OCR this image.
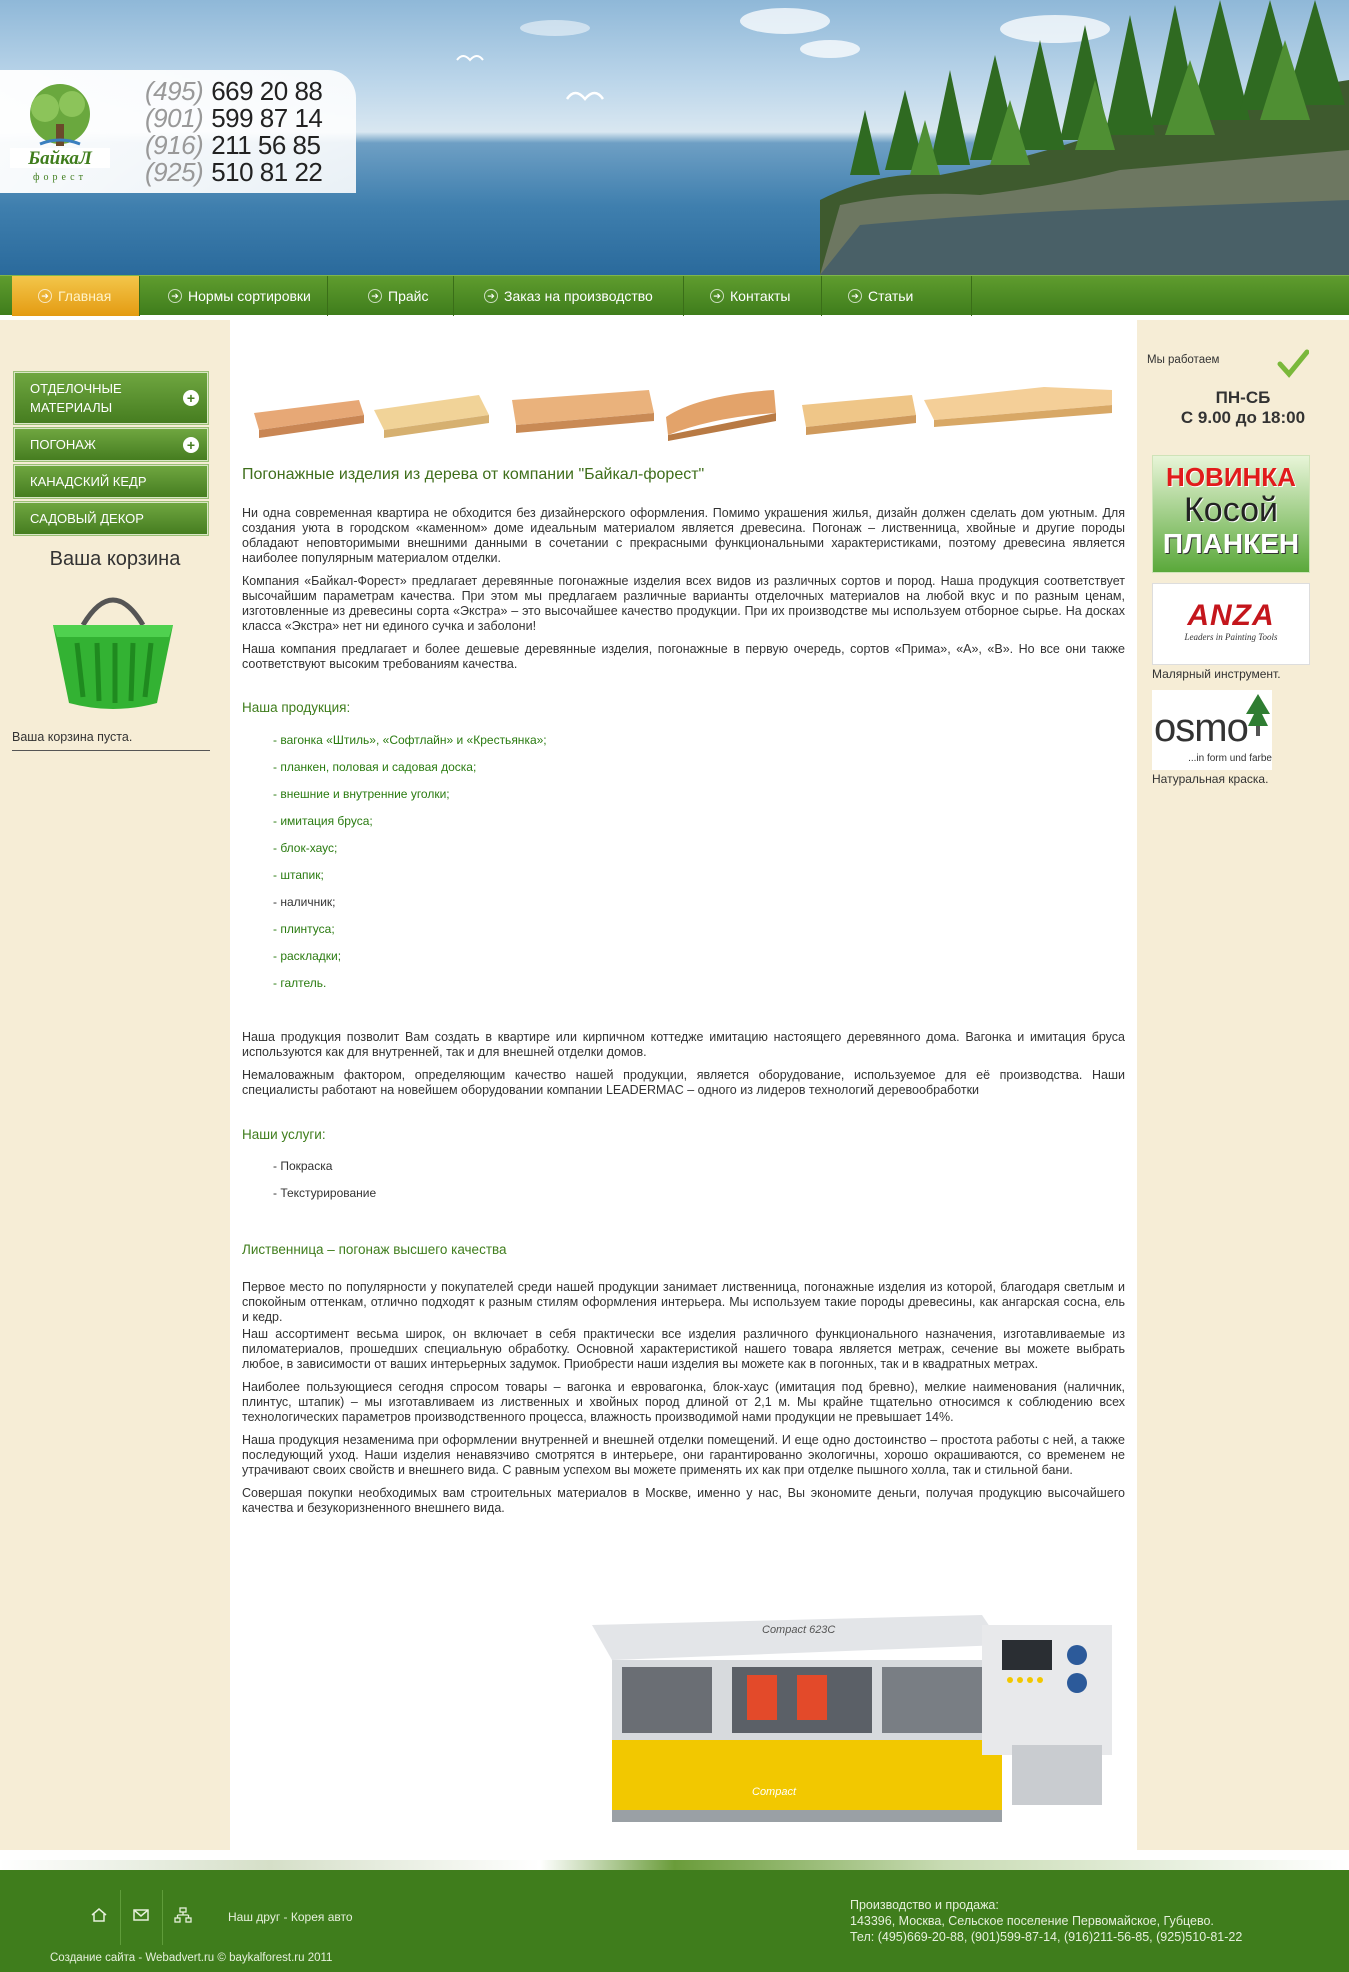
БайкаЛ
форест
(495) 669 20 88
(901) 599 87 14
(916) 211 56 85
(925) 510 81 22
➔ Главная	➔ Нормы сортировки	➔ Прайс	➔ Заказ на производство	➔ Контакты	➔ Статьи
ОТДЕЛОЧНЫЕ МАТЕРИАЛЫ
+
ПОГОНАЖ	+
КАНАДСКИЙ КЕДР
САДОВЫЙ ДЕКОР
Ваша корзина
Ваша корзина пуста.
Погонажные изделия из дерева от компании "Байкал-форест"

Ни одна современная квартира не обходится без дизайнерского оформления. Помимо украшения жилья, дизайн должен сделать дом уютным. Для создания уюта в городском «каменном» доме идеальным материалом является древесина. Погонаж – лиственница, хвойные и другие породы обладают неповторимыми внешними данными в сочетании с прекрасными функциональными характеристиками, поэтому древесина является наиболее популярным материалом отделки.

Компания «Байкал-Форест» предлагает деревянные погонажные изделия всех видов из различных сортов и пород. Наша продукция соответствует высочайшим параметрам качества. При этом мы предлагаем различные варианты отделочных материалов на любой вкус и по разным ценам, изготовленные из древесины сорта «Экстра» – это высочайшее качество продукции. При их производстве мы используем отборное сырье. На досках класса «Экстра» нет ни единого сучка и заболони!

Наша компания предлагает и более дешевые деревянные изделия, погонажные в первую очередь, сортов «Прима», «А», «В». Но все они также соответствуют высоким требованиям качества.

Наша продукция:
- вагонка «Штиль», «Софтлайн» и «Крестьянка»;
- планкен, половая и садовая доска;
- внешние и внутренние уголки;
- имитация бруса;
- блок-хаус;
- штапик;
- наличник;
- плинтуса;
- раскладки;
- галтель.

Наша продукция позволит Вам создать в квартире или кирпичном коттедже имитацию настоящего деревянного дома. Вагонка и имитация бруса используются как для внутренней, так и для внешней отделки домов.

Немаловажным фактором, определяющим качество нашей продукции, является оборудование, используемое для её производства. Наши специалисты работают на новейшем оборудовании компании LEADERMAC – одного из лидеров технологий деревообработки

Наши услуги:
- Покраска
- Текстурирование
Лиственница – погонаж высшего качества

Первое место по популярности у покупателей среди нашей продукции занимает лиственница, погонажные изделия из которой, благодаря светлым и спокойным оттенкам, отлично подходят к разным стилям оформления интерьера. Мы используем такие породы древесины, как ангарская сосна, ель и кедр.

Наш ассортимент весьма широк, он включает в себя практически все изделия различного функционального назначения, изготавливаемые из пиломатериалов, прошедших специальную обработку. Основной характеристикой нашего товара является метраж, сечение вы можете выбрать любое, в зависимости от ваших интерьерных задумок. Приобрести наши изделия вы можете как в погонных, так и в квадратных метрах.

Наиболее пользующиеся сегодня спросом товары – вагонка и евровагонка, блок-хаус (имитация под бревно), мелкие наименования (наличник, плинтус, штапик) – мы изготавливаем из лиственных и хвойных пород длиной от 2,1 м. Мы крайне тщательно относимся к соблюдению всех технологических параметров производственного процесса, влажность производимой нами продукции не превышает 14%.

Наша продукция незаменима при оформлении внутренней и внешней отделки помещений. И еще одно достоинство – простота работы с ней, а также последующий уход. Наши изделия ненавязчиво смотрятся в интерьере, они гарантированно экологичны, хорошо окрашиваются, со временем не утрачивают своих свойств и внешнего вида. С равным успехом вы можете применять их как при отделке пышного холла, так и стильной бани.

Совершая покупки необходимых вам строительных материалов в Москве, именно у нас, Вы экономите деньги, получая продукцию высочайшего качества и безукоризненного внешнего вида.

Compact 623C
Compact
Мы работаем
ПН-СБ
С 9.00 до 18:00
НОВИНКА
Косой
ПЛАНКЕН
ANZA
Leaders in Painting Tools
Малярный инструмент.
osmo
...in form und farbe
Натуральная краска.
Наш друг - Корея авто
Производство и продажа:
143396, Москва, Сельское поселение Первомайское, Губцево.
Тел: (495)669-20-88, (901)599-87-14, (916)211-56-85, (925)510-81-22
Создание сайта - Webadvert.ru © baykalforest.ru 2011
